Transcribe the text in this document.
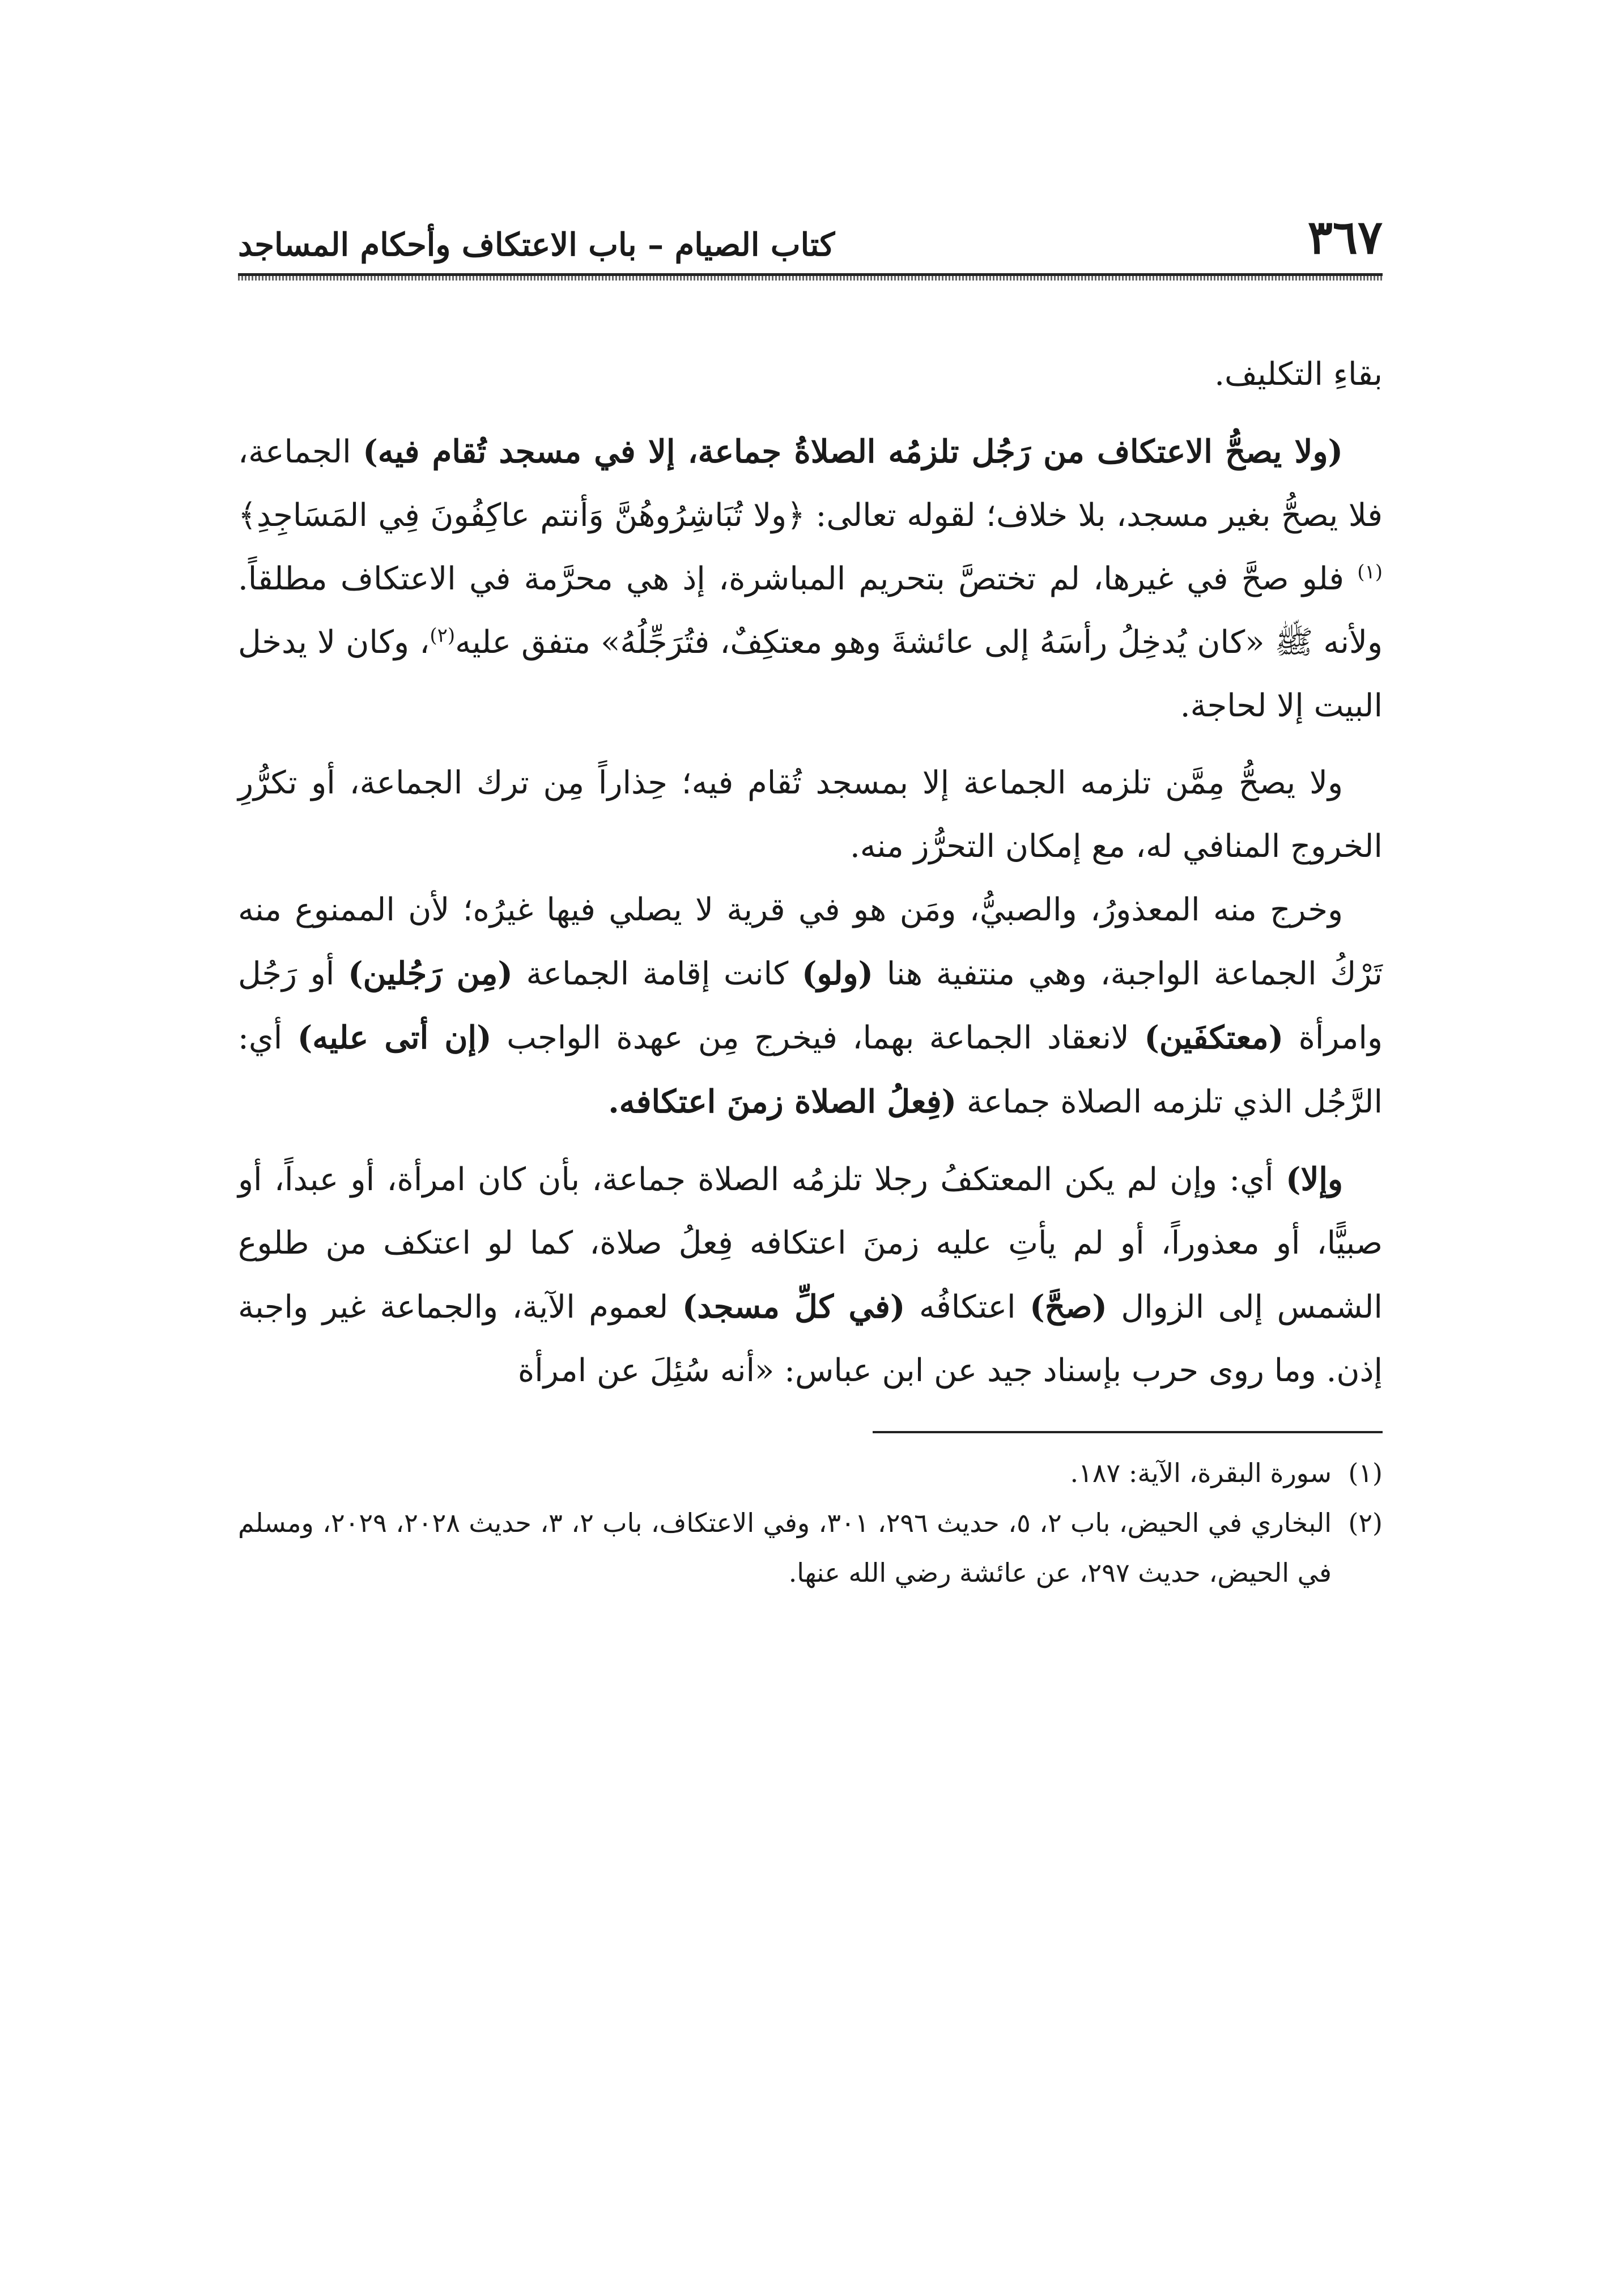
٣٦٧
كتاب الصيام – باب الاعتكاف وأحكام المساجد

بقاءِ التكليف.

(ولا يصحُّ الاعتكاف من رَجُل تلزمُه الصلاةُ جماعة، إلا في مسجد تُقام فيه) الجماعة، فلا يصحُّ بغير مسجد، بلا خلاف؛ لقوله تعالى: ﴿ولا تُبَاشِرُوهُنَّ وَأنتم عاكِفُونَ فِي المَسَاجِدِ﴾$^{(١)}$ فلو صحَّ في غيرها، لم تختصَّ بتحريم المباشرة، إذ هي محرَّمة في الاعتكاف مطلقاً. ولأنه ﷺ «كان يُدخِلُ رأسَهُ إلى عائشةَ وهو معتكِفٌ، فتُرَجِّلُهُ» متفق عليه$^{(٢)}$، وكان لا يدخل البيت إلا لحاجة.

ولا يصحُّ مِمَّن تلزمه الجماعة إلا بمسجد تُقام فيه؛ حِذاراً مِن ترك الجماعة، أو تكرُّرِ الخروج المنافي له، مع إمكان التحرُّز منه.

وخرج منه المعذورُ، والصبيُّ، ومَن هو في قرية لا يصلي فيها غيرُه؛ لأن الممنوع منه تَرْكُ الجماعة الواجبة، وهي منتفية هنا (ولو) كانت إقامة الجماعة (مِن رَجُلين) أو رَجُل وامرأة (معتكفَين) لانعقاد الجماعة بهما، فيخرج مِن عهدة الواجب (إن أتى عليه) أي: الرَّجُل الذي تلزمه الصلاة جماعة (فِعلُ الصلاة زمنَ اعتكافه.

وإلا) أي: وإن لم يكن المعتكفُ رجلا تلزمُه الصلاة جماعة، بأن كان امرأة، أو عبداً، أو صبيًّا، أو معذوراً، أو لم يأتِ عليه زمنَ اعتكافه فِعلُ صلاة، كما لو اعتكف من طلوع الشمس إلى الزوال (صحَّ) اعتكافُه (في كلِّ مسجد) لعموم الآية، والجماعة غير واجبة إذن. وما روى حرب بإسناد جيد عن ابن عباس: «أنه سُئِلَ عن امرأة

(١)
سورة البقرة، الآية: ١٨٧.
(٢)
البخاري في الحيض، باب ٢، ٥، حديث ٢٩٦، ٣٠١، وفي الاعتكاف، باب ٢، ٣، حديث ٢٠٢٨، ٢٠٢٩، ومسلم في الحيض، حديث ٢٩٧، عن عائشة رضي الله عنها.
